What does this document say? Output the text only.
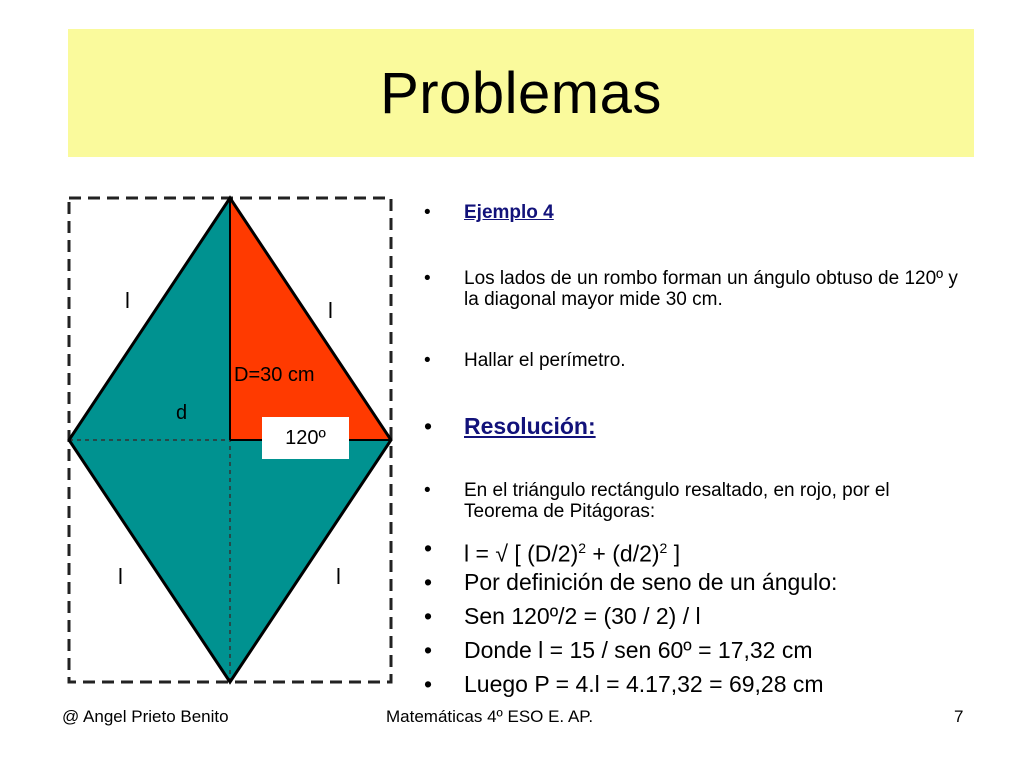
Problemas
l	l
l	l
D=30 cm
d
120º
• Ejemplo 4
• Los lados de un rombo forman un ángulo obtuso de 120º y la diagonal mayor mide 30 cm.
• Hallar el perímetro.
• Resolución:
• En el triángulo rectángulo resaltado, en rojo, por el Teorema de Pitágoras:
• l = √ [ $(D/2)^2 + (d/2)^2$ ]
• Por definición de seno de un ángulo:
• Sen 120º/2 = (30 / 2) / l
• Donde l = 15 / sen 60º = 17,32 cm
• Luego P = 4.l = 4.17,32 = 69,28 cm
@ Angel Prieto Benito	Matemáticas 4º ESO E. AP.	7
